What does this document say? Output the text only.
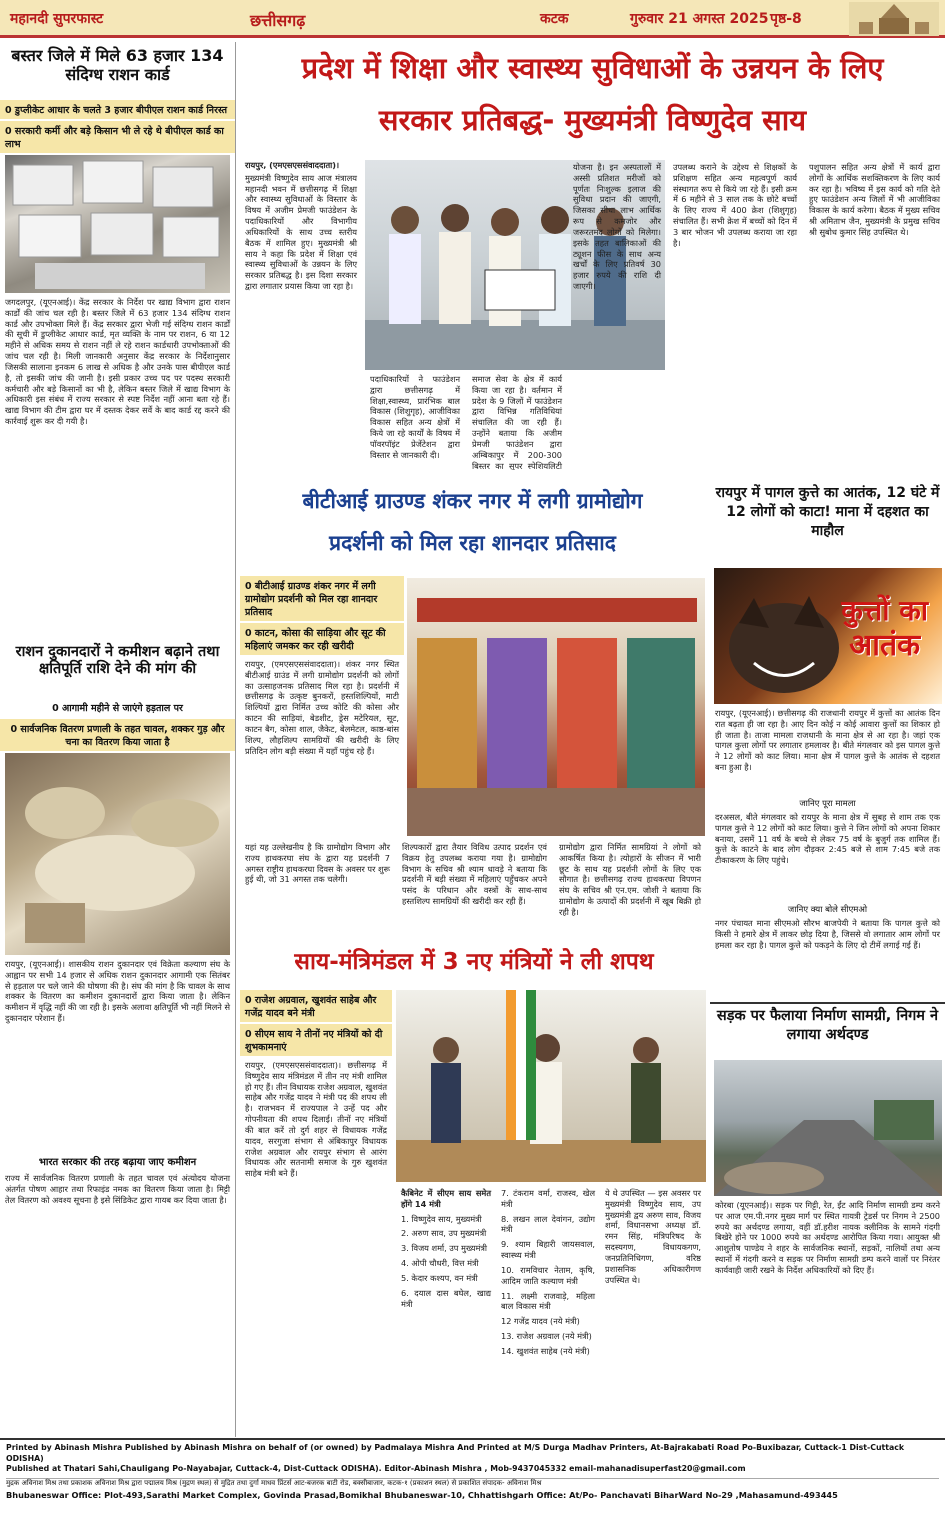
महानदी सुपरफास्ट	छत्तीसगढ़	कटक	गुरुवार 21 अगस्त 2025 पृष्ठ-8
बस्तर जिले में मिले 63 हजार 134 संदिग्ध राशन कार्ड
0 डुप्लीकेट आधार के चलते 3 हजार बीपीएल राशन कार्ड निरस्त
0 सरकारी कर्मी और बड़े किसान भी ले रहे थे बीपीएल कार्ड का लाभ
जगदलपुर, (यूएनआई)। केंद्र सरकार के निर्देश पर खाद्य विभाग द्वारा राशन कार्डों की जांच चल रही है। बस्तर जिले में 63 हजार 134 संदिग्ध राशन कार्ड और उपभोक्ता मिले हैं। केंद्र सरकार द्वारा भेजी गई संदिग्ध राशन कार्डों की सूची में डुप्लीकेट आधार कार्ड, मृत व्यक्ति के नाम पर राशन, 6 या 12 महीने से अधिक समय से राशन नहीं ले रहे राशन कार्डधारी उपभोक्ताओं की जांच चल रही है। मिली जानकारी अनुसार केंद्र सरकार के निर्देशानुसार जिसकी सालाना इनकम 6 लाख से अधिक है और उनके पास बीपीएल कार्ड है, तो इसकी जांच की जानी है। इसी प्रकार उच्च पद पर पदस्थ सरकारी कर्मचारी और बड़े किसानों का भी है, लेकिन बस्तर जिले में खाद्य विभाग के अधिकारी इस संबंध में राज्य सरकार से स्पष्ट निर्देश नहीं आना बता रहे हैं। खाद्य विभाग की टीम द्वारा घर में दस्तक देकर सर्वे के बाद कार्ड रद्द करने की कार्रवाई शुरू कर दी गयी है।
राशन दुकानदारों ने कमीशन बढ़ाने तथा क्षतिपूर्ति राशि देने की मांग की
0 आगामी महीने से जाएंगे हड़ताल पर
0 सार्वजनिक वितरण प्रणाली के तहत चावल, शक्कर गुड़ और चना का वितरण किया जाता है
रायपुर, (यूएनआई)। शासकीय राशन दुकानदार एवं विक्रेता कल्याण संघ के आह्वान पर सभी 14 हजार से अधिक राशन दुकानदार आगामी एक सितंबर से हड़ताल पर चले जाने की घोषणा की है। संघ की मांग है कि चावल के साथ शक्कर के वितरण का कमीशन दुकानदारों द्वारा किया जाता है। लेकिन कमीशन में वृद्धि नहीं की जा रही है। इसके अलावा क्षतिपूर्ति भी नहीं मिलने से दुकानदार परेशान हैं।
भारत सरकार की तरह बढ़ाया जाए कमीशन
राज्य में सार्वजनिक वितरण प्रणाली के तहत चावल एवं अंत्योदय योजना अंतर्गत पोषण आहार तथा रिफाइंड नमक का वितरण किया जाता है। मिट्टी तेल वितरण को अवश्य सूचना है इसे सिंडिकेट द्वारा गायब कर दिया जाता है।
प्रदेश में शिक्षा और स्वास्थ्य सुविधाओं के उन्नयन के लिए
सरकार प्रतिबद्ध- मुख्यमंत्री विष्णुदेव साय
रायपुर, (एमएसएससंवाददाता)।
मुख्यमंत्री विष्णुदेव साय आज मंत्रालय महानदी भवन में छत्तीसगढ़ में शिक्षा और स्वास्थ्य सुविधाओं के विस्तार के विषय में अजीम प्रेमजी फाउंडेशन के पदाधिकारियों और विभागीय अधिकारियों के साथ उच्च स्तरीय बैठक में शामिल हुए। मुख्यमंत्री श्री साय ने कहा कि प्रदेश में शिक्षा एवं स्वास्थ्य सुविधाओं के उन्नयन के लिए सरकार प्रतिबद्ध है। इस दिशा सरकार द्वारा लगातार प्रयास किया जा रहा है।
पदाधिकारियों ने फाउंडेशन द्वारा छत्तीसगढ़ में शिक्षा,स्वास्थ्य, प्रारंभिक बाल विकास (शिशुगृह), आजीविका विकास सहित अन्य क्षेत्रों में किये जा रहे कार्यों के विषय में पॉवरपॉइंट प्रेजेंटेशन द्वारा विस्तार से जानकारी दी।
समाज सेवा के क्षेत्र में कार्य किया जा रहा है। वर्तमान में प्रदेश के 9 जिलों में फाउंडेशन द्वारा विभिन्न गतिविधियां संचालित की जा रही हैं। उन्होंने बताया कि अजीम प्रेमजी फाउंडेशन द्वारा अम्बिकापुर में 200-300 बिस्तर का सुपर स्पेशियलिटी
योजना है। इन अस्पतालों में अस्सी प्रतिशत मरीजों को पूर्णतः निःशुल्क इलाज की सुविधा प्रदान की जाएगी, जिसका सीधा लाभ आर्थिक रूप से कमजोर और जरूरतमंद लोगों को मिलेगा। इसके तहत बालिकाओं की ट्यूशन फीस के साथ अन्य खर्चों के लिए प्रतिवर्ष 30 हजार रुपये की राशि दी जाएगी।
उपलब्ध कराने के उद्देश्य से शिक्षकों के प्रशिक्षण सहित अन्य महत्वपूर्ण कार्य संस्थागत रूप से किये जा रहे हैं। इसी क्रम में 6 महीने से 3 साल तक के छोटे बच्चों के लिए राज्य में 400 क्रेश (शिशुगृह) संचालित हैं। सभी क्रेश में बच्चों को दिन में 3 बार भोजन भी उपलब्ध कराया जा रहा है।
पशुपालन सहित अन्य क्षेत्रों में कार्य द्वारा लोगों के आर्थिक सशक्तिकरण के लिए कार्य कर रहा है। भविष्य में इस कार्य को गति देते हुए फाउंडेशन अन्य जिलों में भी आजीविका विकास के कार्य करेगा। बैठक में मुख्य सचिव श्री अमिताभ जैन, मुख्यमंत्री के प्रमुख सचिव श्री सुबोध कुमार सिंह उपस्थित थे।
बीटीआई ग्राउण्ड शंकर नगर में लगी ग्रामोद्योग
प्रदर्शनी को मिल रहा शानदार प्रतिसाद
0 बीटीआई ग्राउण्ड शंकर नगर में लगी ग्रामोद्योग प्रदर्शनी को मिल रहा शानदार प्रतिसाद
0 काटन, कोसा की साड़िया और सूट की महिलाएं जमकर कर रही खरीदी
रायपुर, (एमएसएससंवाददाता)। शंकर नगर स्थित बीटीआई ग्राउंड में लगी ग्रामोद्योग प्रदर्शनी को लोगों का उत्साहजनक प्रतिसाद मिल रहा है। प्रदर्शनी में छत्तीसगढ़ के उत्कृष्ट बुनकरों, हस्तशिल्पियों, माटी शिल्पियों द्वारा निर्मित उच्च कोटि की कोसा और काटन की साड़ियां, बेडशीट, ड्रेस मटेरियल, सूट, काटन बैग, कोसा शाल, जैकेट, बेलमेटल, काष्ठ-बांस शिल्प, लौहशिल्प सामग्रियों की खरीदी के लिए प्रतिदिन लोग बड़ी संख्या में यहाँ पहुंच रहे हैं।
यहां यह उल्लेखनीय है कि ग्रामोद्योग विभाग और राज्य हाथकरघा संघ के द्वारा यह प्रदर्शनी 7 अगस्त राष्ट्रीय हाथकरघा दिवस के अवसर पर शुरू हुई थी, जो 31 अगस्त तक चलेगी।
शिल्पकारों द्वारा तैयार विविध उत्पाद प्रदर्शन एवं विक्रय हेतु उपलब्ध कराया गया है। ग्रामोद्योग विभाग के सचिव श्री श्याम धावड़े ने बताया कि प्रदर्शनी में बड़ी संख्या में महिलाएं पहुँचकर अपने पसंद के परिधान और वस्त्रों के साथ-साथ हस्तशिल्प सामग्रियों की खरीदी कर रही हैं।
ग्रामोद्योग द्वारा निर्मित सामग्रियां ने लोगों को आकर्षित किया है। त्योहारों के सीजन में भारी छूट के साथ यह प्रदर्शनी लोगों के लिए एक सौगात है। छत्तीसगढ़ राज्य हाथकरघा विपणन संघ के सचिव श्री एन.एम. जोशी ने बताया कि ग्रामोद्योग के उत्पादों की प्रदर्शनी में खूब बिक्री हो रही है।
रायपुर में पागल कुत्ते का आतंक, 12 घंटे में 12 लोगों को काटा! माना में दहशत का माहौल
कुत्तों का
आतंक
रायपुर, (यूएनआई)। छत्तीसगढ़ की राजधानी रायपुर में कुत्तों का आतंक दिन रात बढ़ता ही जा रहा है। आए दिन कोई न कोई आवारा कुत्तों का शिकार हो ही जाता है। ताजा मामला राजधानी के माना क्षेत्र से आ रहा है। जहां एक पागल कुत्ता लोगों पर लगातार हमलावर है। बीते मंगलवार को इस पागल कुत्ते ने 12 लोगों को काट लिया। माना क्षेत्र में पागल कुत्ते के आतंक से दहशत बना हुआ है।
जानिए पूरा मामला
दरअसल, बीते मंगलवार को रायपुर के माना क्षेत्र में सुबह से शाम तक एक पागल कुत्ते ने 12 लोगों को काट लिया। कुत्ते ने जिन लोगों को अपना शिकार बनाया, उसमें 11 वर्ष के बच्चे से लेकर 75 वर्ष के बुजुर्ग तक शामिल हैं। कुत्ते के काटने के बाद लोग दौड़कर 2:45 बजे से शाम 7:45 बजे तक टीकाकरण के लिए पहुंचे।
जानिए क्या बोले सीएमओ
नगर पंचायत माना सीएमओ सौरभ बाजपेयी ने बताया कि पागल कुत्ते को किसी ने हमारे क्षेत्र में लाकर छोड़ दिया है, जिससे वो लगातार आम लोगों पर हमला कर रहा है। पागल कुत्ते को पकड़ने के लिए दो टीमें लगाई गई हैं।
सड़क पर फैलाया निर्माण सामग्री, निगम ने लगाया अर्थदण्ड
कोरबा (यूएनआई)। सड़क पर गिट्टी, रेत, ईंट आदि निर्माण सामग्री डम्प करने पर आज एम.पी.नगर मुख्य मार्ग पर स्थित गायत्री ट्रेडर्स पर निगम ने 2500 रुपये का अर्थदण्ड लगाया, वहीं डॉ.हरीश नायक क्लीनिक के सामने गंदगी बिखेरे होने पर 1000 रुपये का अर्थदण्ड आरोपित किया गया। आयुक्त श्री आशुतोष पाण्डेय ने शहर के सार्वजनिक स्थानों, सड़कों, नालियों तथा अन्य स्थानों में गंदगी करने व सड़क पर निर्माण सामग्री डम्प करने वालों पर निरंतर कार्यवाही जारी रखने के निर्देश अधिकारियों को दिए हैं।
साय-मंत्रिमंडल में 3 नए मंत्रियों ने ली शपथ
0 राजेश अग्रवाल, खुशवंत साहेब और गजेंद्र यादव बने मंत्री
0 सीएम साय ने तीनों नए मंत्रियों को दी शुभकामनाएं
रायपुर, (एमएसएससंवाददाता)। छत्तीसगढ़ में विष्णुदेव साय मंत्रिमंडल में तीन नए मंत्री शामिल हो गए हैं। तीन विधायक राजेश अग्रवाल, खुशवंत साहेब और गजेंद्र यादव ने मंत्री पद की शपथ ली है। राजभवन में राज्यपाल ने उन्हें पद और गोपनीयता की शपथ दिलाई। तीनों नए मंत्रियों की बात करें तो दुर्ग शहर से विधायक गजेंद्र यादव, सरगुजा संभाग से अंबिकापुर विधायक राजेश अग्रवाल और रायपुर संभाग से आरंग विधायक और सतनामी समाज के गुरु खुशवंत साहेब मंत्री बने हैं।
कैबिनेट में सीएम साय समेत होंगे 14 मंत्री
1. विष्णुदेव साय, मुख्यमंत्री
2. अरुण साव, उप मुख्यमंत्री
3. विजय शर्मा, उप मुख्यमंत्री
4. ओपी चौधरी, वित्त मंत्री
5. केदार कश्यप, वन मंत्री
6. दयाल दास बघेल, खाद्य मंत्री
7. टंकराम वर्मा, राजस्व, खेल मंत्री
8. लखन लाल देवांगन, उद्योग मंत्री
9. श्याम बिहारी जायसवाल, स्वास्थ्य मंत्री
10. रामविचार नेताम, कृषि, आदिम जाति कल्याण मंत्री
11. लक्ष्मी राजवाड़े, महिला बाल विकास मंत्री
12 गजेंद्र यादव (नये मंत्री)
13. राजेश अग्रवाल (नये मंत्री)
14. खुशवंत साहेब (नये मंत्री)
ये थे उपस्थित — इस अवसर पर मुख्यमंत्री विष्णुदेव साय, उप मुख्यमंत्री द्वय अरुण साव, विजय शर्मा, विधानसभा अध्यक्ष डॉ. रमन सिंह, मंत्रिपरिषद के सदस्यगण, विधायकगण, जनप्रतिनिधिगण, वरिष्ठ प्रशासनिक अधिकारीगण उपस्थित थे।
Printed by Abinash Mishra Published by Abinash Mishra on behalf of (or owned) by Padmalaya Mishra And Printed at M/S Durga Madhav Printers, At-Bajrakabati Road Po-Buxibazar, Cuttack-1 Dist-Cuttack ODISHA)
Published at Thatari Sahi,Chauligang Po-Nayabajar, Cuttack-4, Dist-Cuttack ODISHA). Editor-Abinash Mishra , Mob-9437045332 email-mahanadisuperfast20@gmail.com
मुद्रक अविनाश मिश्र तथा प्रकाशक अविनाश मिश्र द्वारा पद्मालय मिश्र (मुद्रण स्थल) से मुद्रित तथा दुर्गा माधव प्रिंटर्स आट-बजरक बाटी रोड, बक्सीबाजार, कटक-१ (प्रकाशन स्थल) से प्रकाशित संपादक- अविनाश मिश्र
Bhubaneswar Office: Plot-493,Sarathi Market Complex, Govinda Prasad,Bomikhal Bhubaneswar-10, Chhattishgarh Office: At/Po- Panchavati BiharWard No-29 ,Mahasamund-493445
